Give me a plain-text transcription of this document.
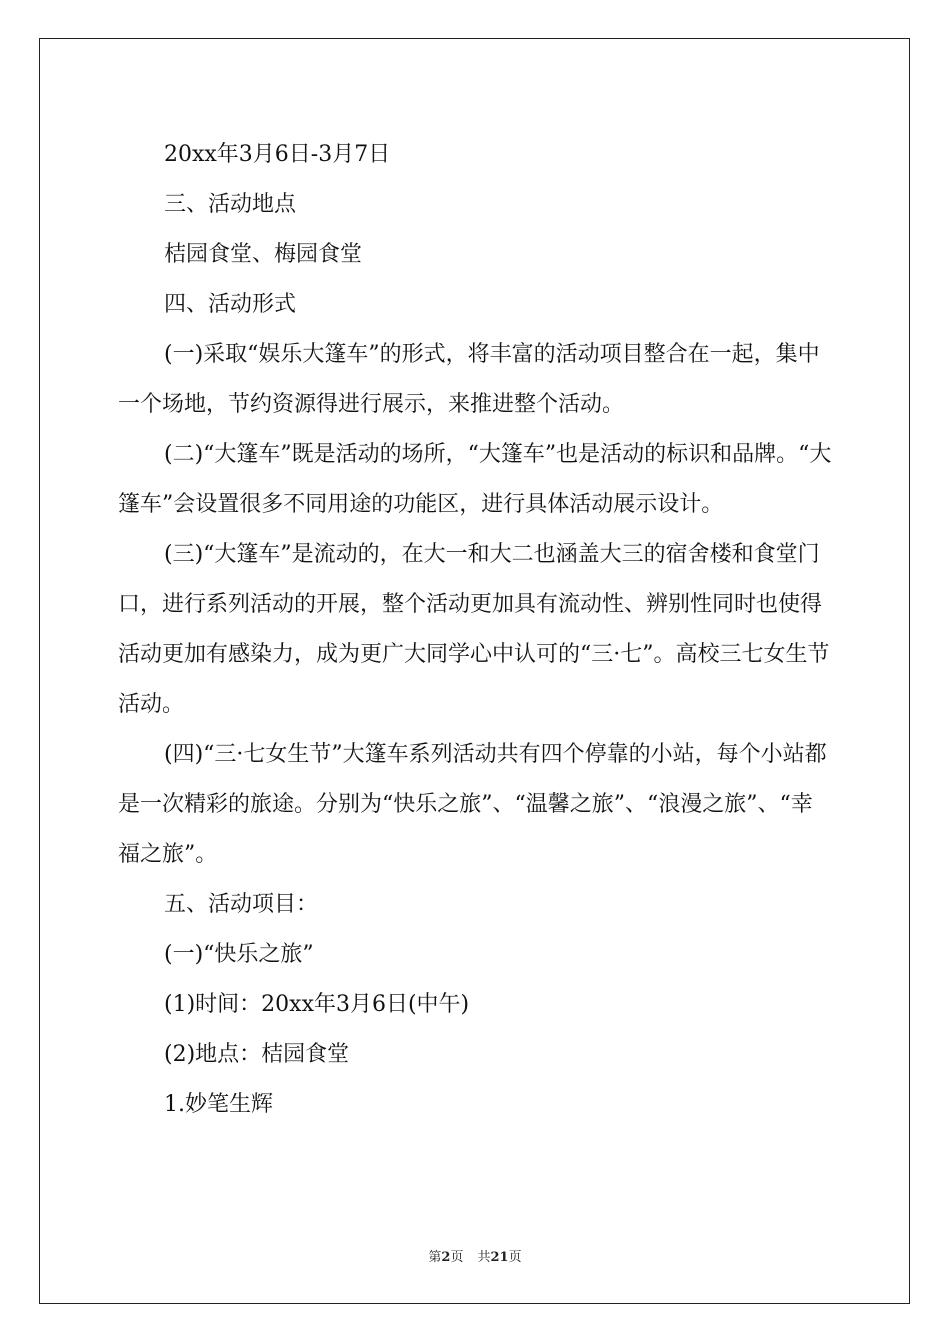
20xx年3月6日-3月7日

三、活动地点

桔园食堂、梅园食堂

四、活动形式

(一)采取“娱乐大篷车”的形式，将丰富的活动项目整合在一起，集中一个场地，节约资源得进行展示，来推进整个活动。

(二)“大篷车”既是活动的场所，“大篷车”也是活动的标识和品牌。“大篷车”会设置很多不同用途的功能区，进行具体活动展示设计。

(三)“大篷车”是流动的，在大一和大二也涵盖大三的宿舍楼和食堂门口，进行系列活动的开展，整个活动更加具有流动性、辨别性同时也使得活动更加有感染力，成为更广大同学心中认可的“三·七”。高校三七女生节活动。

(四)“三·七女生节”大篷车系列活动共有四个停靠的小站，每个小站都是一次精彩的旅途。分别为“快乐之旅”、“温馨之旅”、“浪漫之旅”、“幸福之旅”。

五、活动项目：

(一)“快乐之旅”

(1)时间：20xx年3月6日(中午)

(2)地点：桔园食堂

1.妙笔生辉

第2页 共21页
